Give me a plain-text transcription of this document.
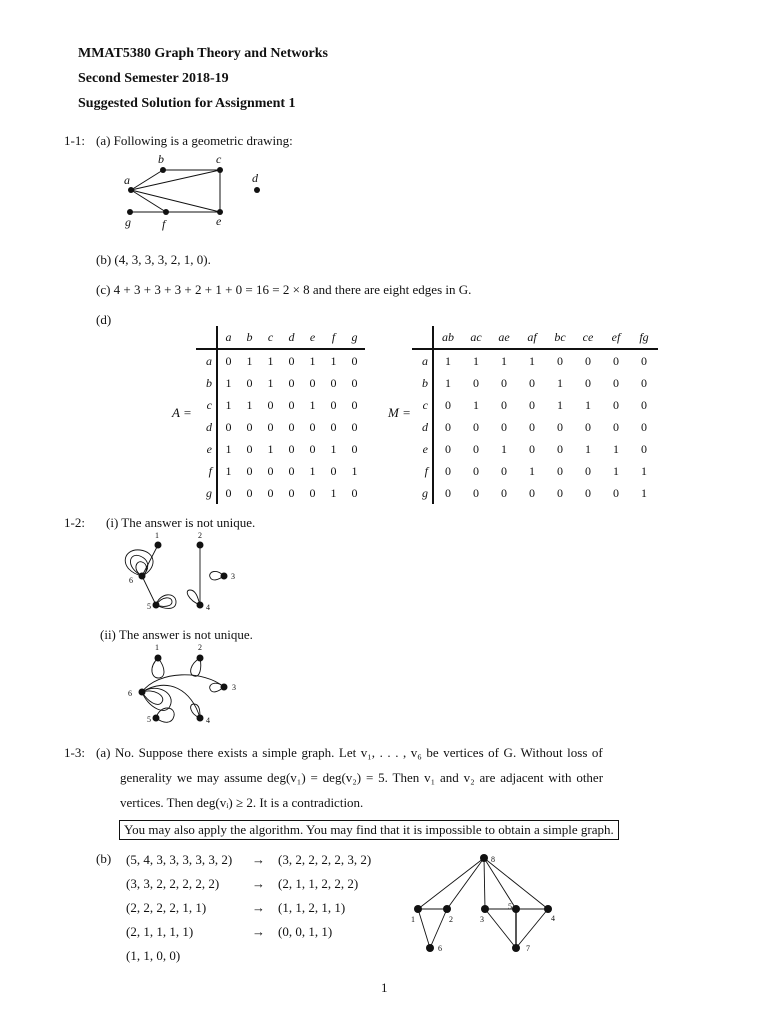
MMAT5380 Graph Theory and Networks
Second Semester 2018-19
Suggested Solution for Assignment 1
1-1: (a) Following is a geometric drawing:
a
b	c
d
e
f
g
(b) (4, 3, 3, 3, 2, 1, 0).
(c) 4 + 3 + 3 + 3 + 2 + 1 + 0 = 16 = 2 × 8 and there are eight edges in G.
(d)
A =
	a	b	c	d	e	f	g
a	0	1	1	0	1	1	0
b	1	0	1	0	0	0	0
c	1	1	0	0	1	0	0
d	0	0	0	0	0	0	0
e	1	0	1	0	0	1	0
f	1	0	0	0	1	0	1
g	0	0	0	0	0	1	0
M =
	ab	ac	ae	af	bc	ce	ef	fg
a	1	1	1	1	0	0	0	0
b	1	0	0	0	1	0	0	0
c	0	1	0	0	1	1	0	0
d	0	0	0	0	0	0	0	0
e	0	0	1	0	0	1	1	0
f	0	0	0	1	0	0	1	1
g	0	0	0	0	0	0	0	1
1-2: (i) The answer is not unique.
1	2
3
4
5
6
(ii) The answer is not unique.
1	2
3
4
5
6
1-3: (a) No. Suppose there exists a simple graph. Let v₁, . . . , v₆ be vertices of G. Without loss of
generality we may assume deg(v₁) = deg(v₂) = 5. Then v₁ and v₂ are adjacent with other
vertices. Then deg(vᵢ) ≥ 2. It is a contradiction.
You may also apply the algorithm. You may find that it is impossible to obtain a simple graph.
(b) (5, 4, 3, 3, 3, 3, 3, 2) → (3, 2, 2, 2, 2, 3, 2)
(3, 3, 2, 2, 2, 2, 2)	→ (2, 1, 1, 2, 2, 2)
(2, 2, 2, 2, 1, 1)	→ (1, 1, 2, 1, 1)
(2, 1, 1, 1, 1)	→ (0, 0, 1, 1)
(1, 1, 0, 0)
1	2	3	4
5
6	7
8
1
